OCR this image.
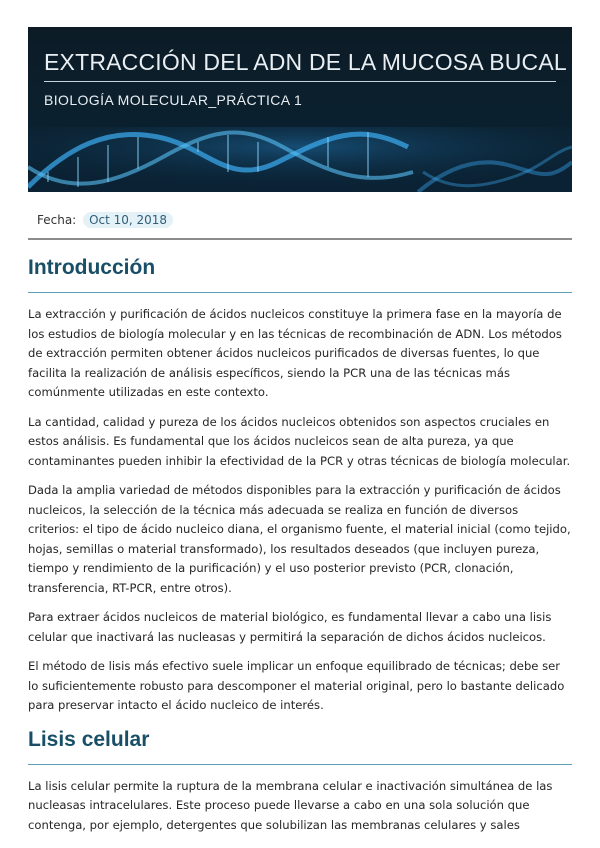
EXTRACCIÓN DEL ADN DE LA MUCOSA BUCAL
BIOLOGÍA MOLECULAR_PRÁCTICA 1
Fecha: Oct 10, 2018
Introducción

La extracción y purificación de ácidos nucleicos constituye la primera fase en la mayoría de los estudios de biología molecular y en las técnicas de recombinación de ADN. Los métodos de extracción permiten obtener ácidos nucleicos purificados de diversas fuentes, lo que facilita la realización de análisis específicos, siendo la PCR una de las técnicas más comúnmente utilizadas en este contexto.

La cantidad, calidad y pureza de los ácidos nucleicos obtenidos son aspectos cruciales en estos análisis. Es fundamental que los ácidos nucleicos sean de alta pureza, ya que contaminantes pueden inhibir la efectividad de la PCR y otras técnicas de biología molecular.

Dada la amplia variedad de métodos disponibles para la extracción y purificación de ácidos nucleicos, la selección de la técnica más adecuada se realiza en función de diversos criterios: el tipo de ácido nucleico diana, el organismo fuente, el material inicial (como tejido, hojas, semillas o material transformado), los resultados deseados (que incluyen pureza, tiempo y rendimiento de la purificación) y el uso posterior previsto (PCR, clonación, transferencia, RT-PCR, entre otros).

Para extraer ácidos nucleicos de material biológico, es fundamental llevar a cabo una lisis celular que inactivará las nucleasas y permitirá la separación de dichos ácidos nucleicos.

El método de lisis más efectivo suele implicar un enfoque equilibrado de técnicas; debe ser lo suficientemente robusto para descomponer el material original, pero lo bastante delicado para preservar intacto el ácido nucleico de interés.

Lisis celular

La lisis celular permite la ruptura de la membrana celular e inactivación simultánea de las nucleasas intracelulares. Este proceso puede llevarse a cabo en una sola solución que contenga, por ejemplo, detergentes que solubilizan las membranas celulares y sales
